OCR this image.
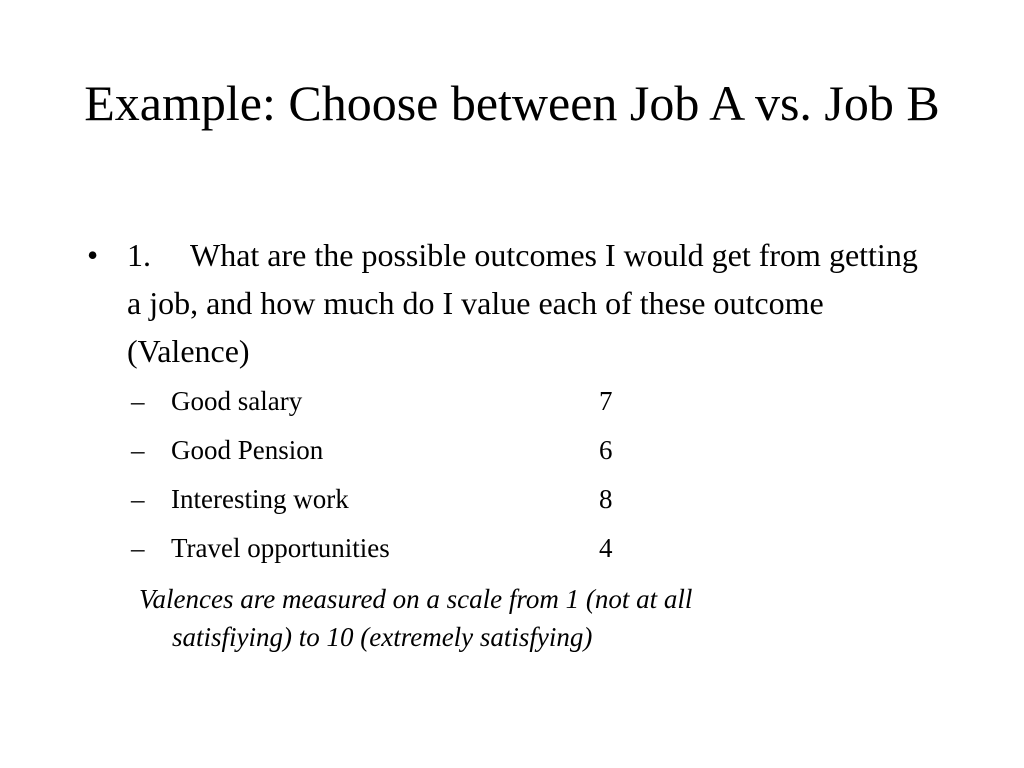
Example: Choose between Job A vs. Job B
• 1. What are the possible outcomes I would get from getting a job, and how much do I value each of these outcome (Valence)
– Good salary	7
– Good Pension	6
– Interesting work	8
– Travel opportunities	4
Valences are measured on a scale from 1 (not at all
satisfiying) to 10 (extremely satisfying)
